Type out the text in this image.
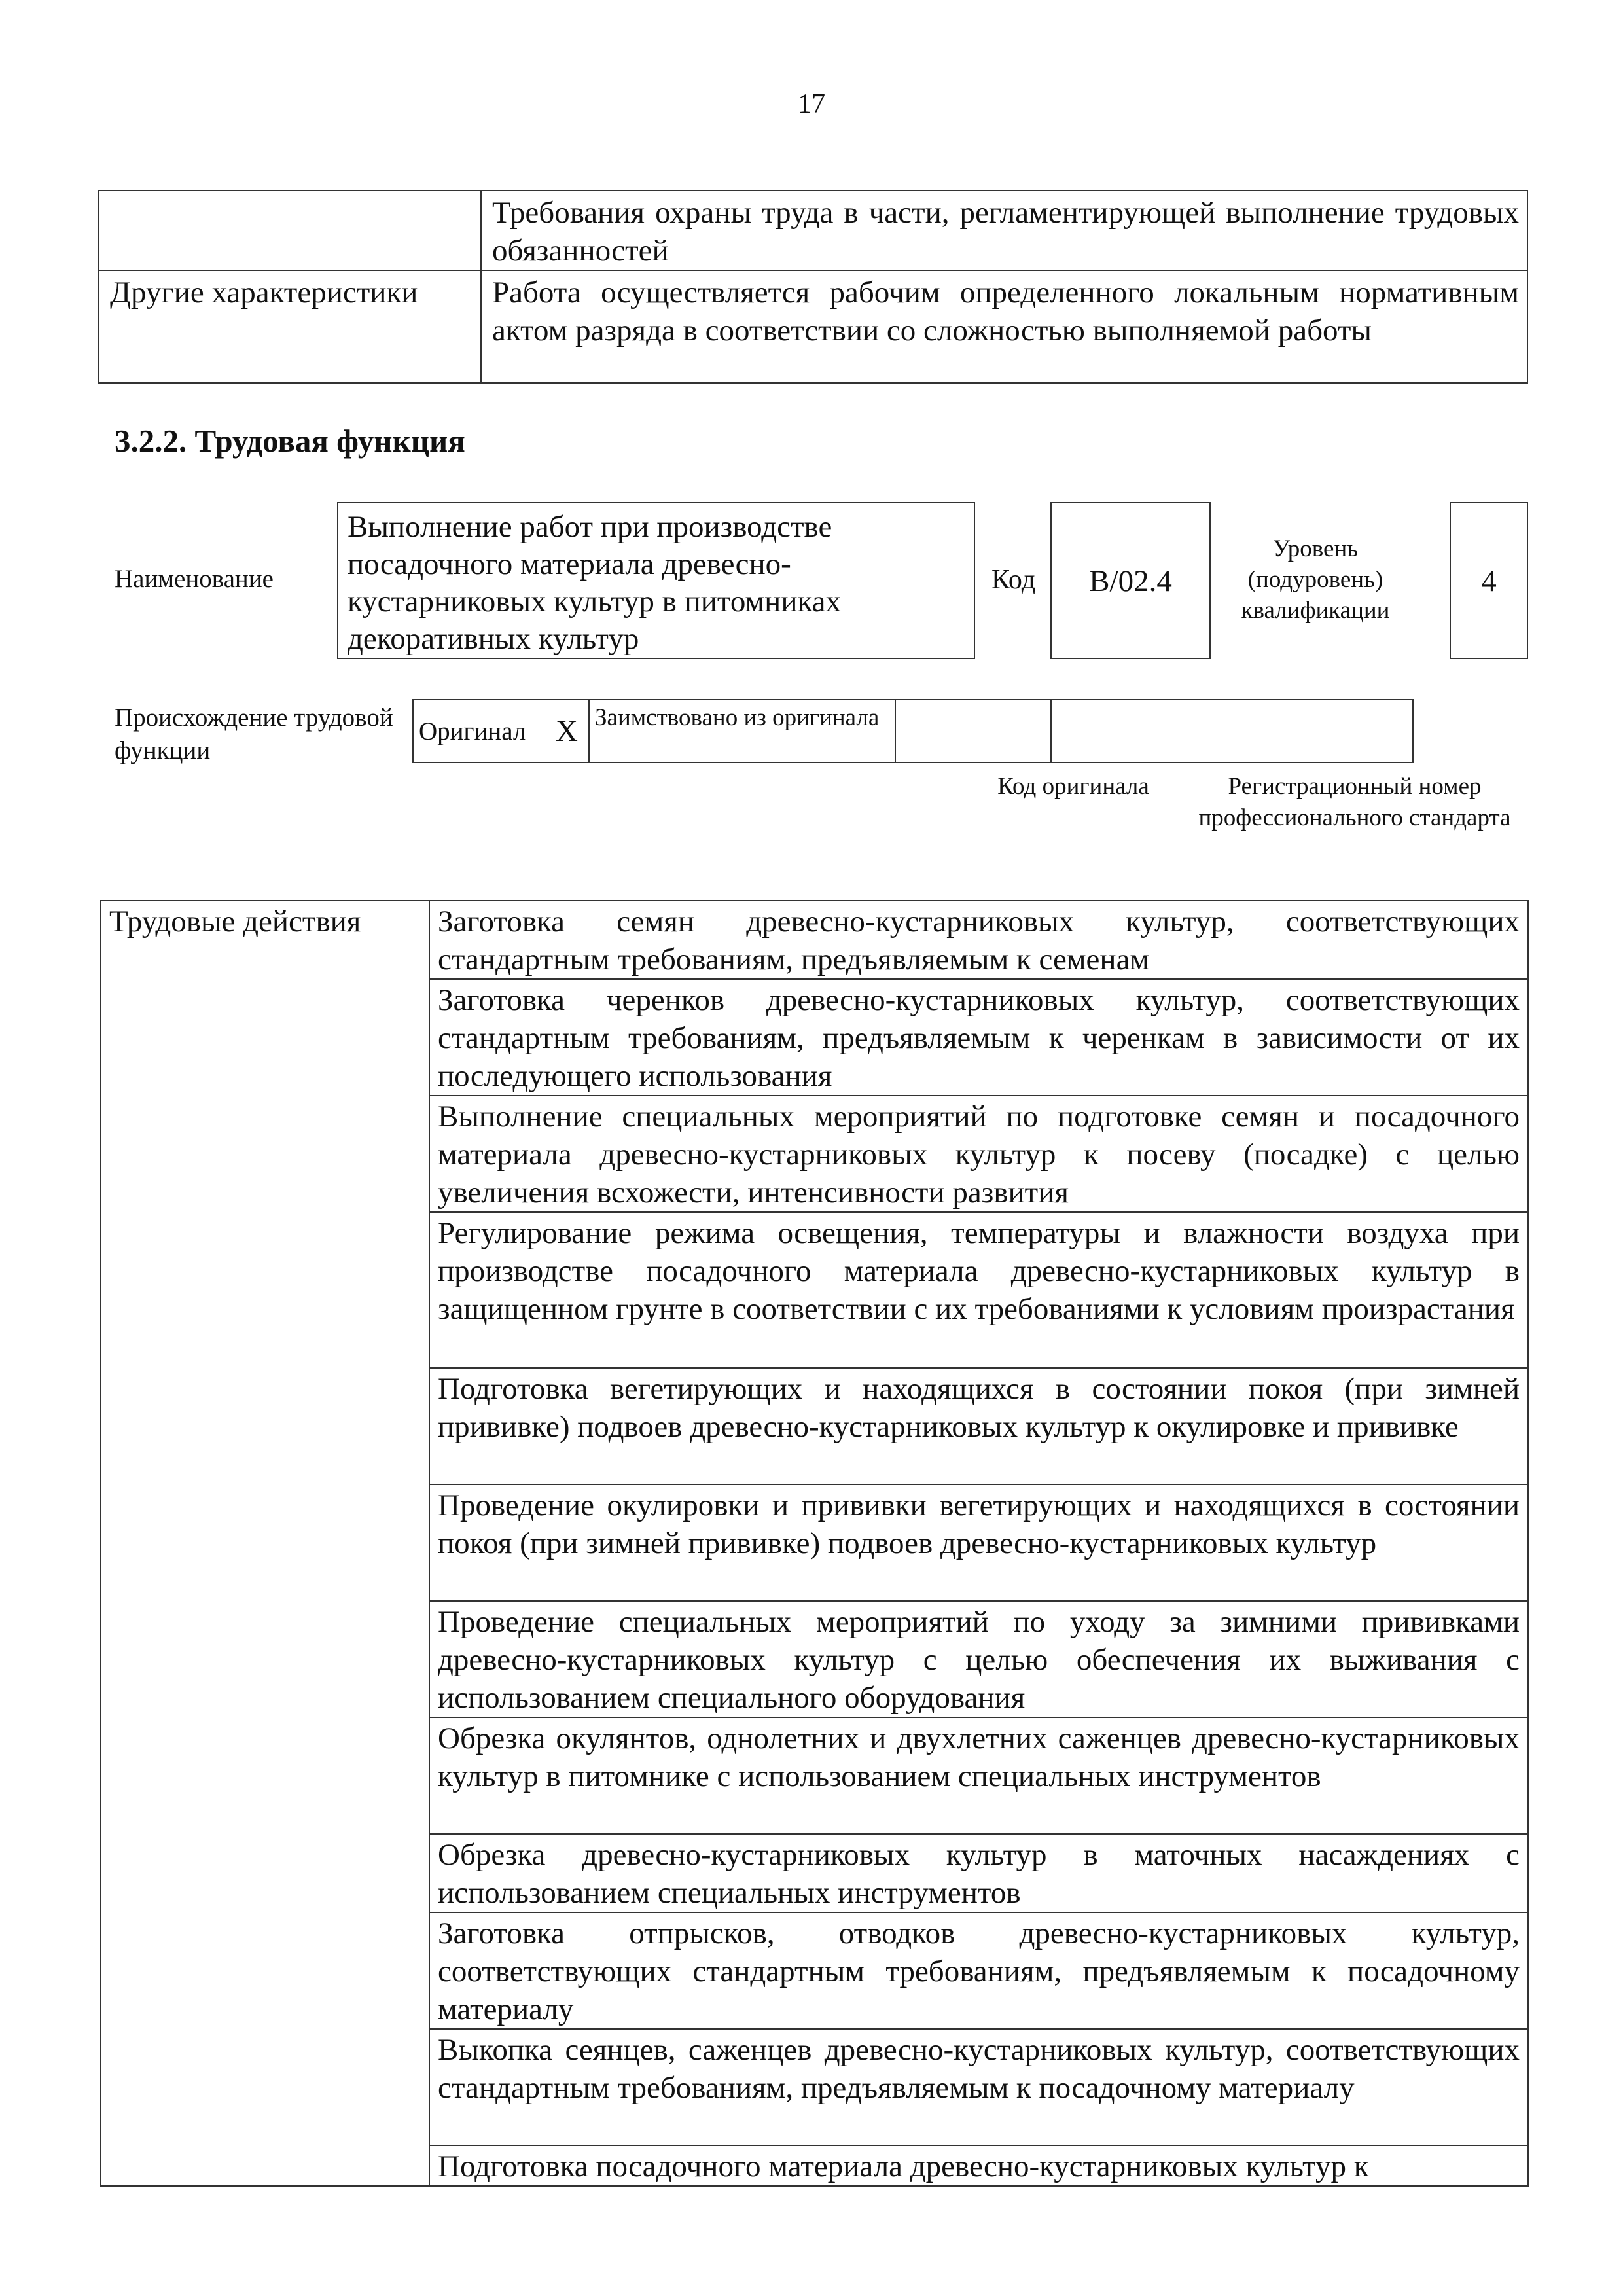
17
	Требования охраны труда в части, регламентирующей выполнение трудовых обязанностей
Другие характеристики	Работа осуществляется рабочим определенного локальным нормативным актом разряда в соответствии со сложностью выполняемой работы
3.2.2. Трудовая функция
Наименование
Выполнение работ при производстве посадочного материала древесно-кустарниковых культур в питомниках декоративных культур
Код	B/02.4
Уровень (подуровень) квалификации
4
Происхождение трудовой функции
Оригинал	X	Заимствовано из оригинала		
Код оригинала	Регистрационный номер профессионального стандарта
Трудовые действия	Заготовка семян древесно-кустарниковых культур, соответствующих стандартным требованиям, предъявляемым к семенам
Заготовка черенков древесно-кустарниковых культур, соответствующих стандартным требованиям, предъявляемым к черенкам в зависимости от их последующего использования
Выполнение специальных мероприятий по подготовке семян и посадочного материала древесно-кустарниковых культур к посеву (посадке) с целью увеличения всхожести, интенсивности развития
Регулирование режима освещения, температуры и влажности воздуха при производстве посадочного материала древесно-кустарниковых культур в защищенном грунте в соответствии с их требованиями к условиям произрастания
Подготовка вегетирующих и находящихся в состоянии покоя (при зимней прививке) подвоев древесно-кустарниковых культур к окулировке и прививке
Проведение окулировки и прививки вегетирующих и находящихся в состоянии покоя (при зимней прививке) подвоев древесно-кустарниковых культур
Проведение специальных мероприятий по уходу за зимними прививками древесно-кустарниковых культур с целью обеспечения их выживания с использованием специального оборудования
Обрезка окулянтов, однолетних и двухлетних саженцев древесно-кустарниковых культур в питомнике с использованием специальных инструментов
Обрезка древесно-кустарниковых культур в маточных насаждениях с использованием специальных инструментов
Заготовка отпрысков, отводков древесно-кустарниковых культур, соответствующих стандартным требованиям, предъявляемым к посадочному материалу
Выкопка сеянцев, саженцев древесно-кустарниковых культур, соответствующих стандартным требованиям, предъявляемым к посадочному материалу
Подготовка посадочного материала древесно-кустарниковых культур к
